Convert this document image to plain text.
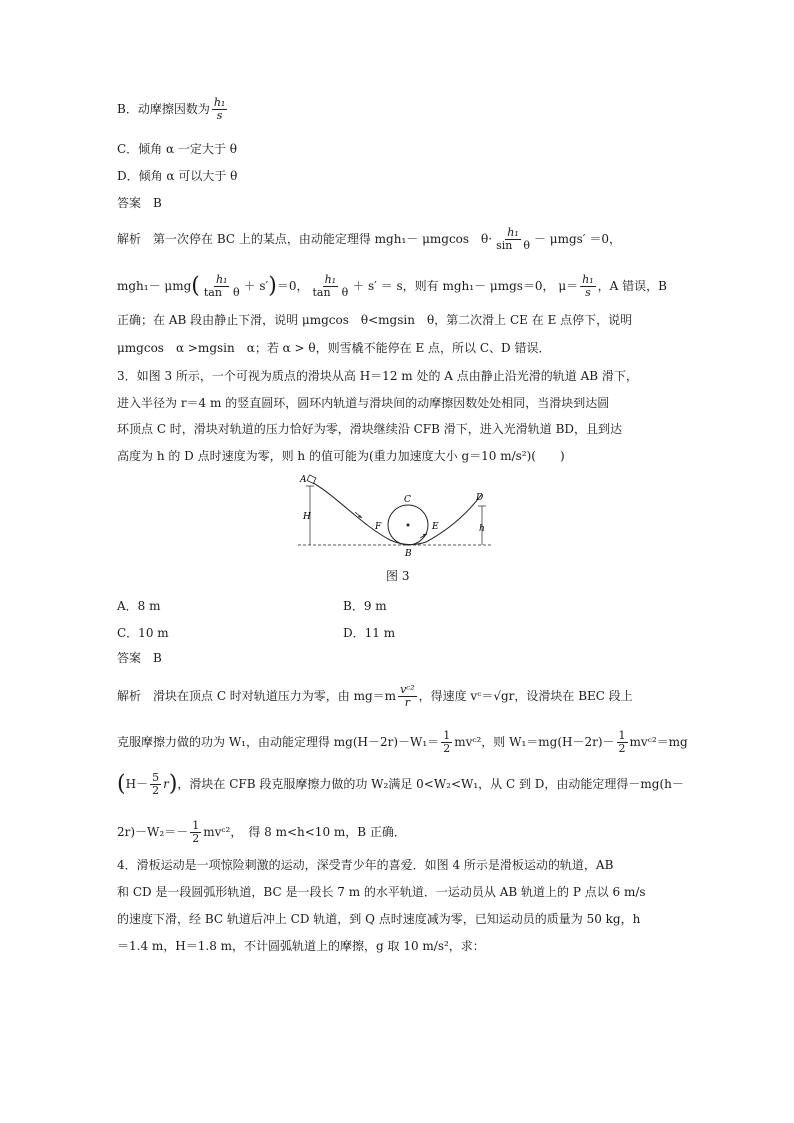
B．动摩擦因数为 $\frac{\text{h₁}}{s}$
C．倾角 α 一定大于 θ
D．倾角 α 可以大于 θ
答案　B
解析　第一次停在 BC 上的某点，由动能定理得 mgh₁－ μmgcos　$\theta\cdot \frac{\text{h₁}}{\text{sin　θ}} - \mu mgs' =0$，
$mgh_1- \mu mg( \frac{\text{h₁}}{\text{tan　θ}} + s')=0$， $\frac{\text{h₁}}{\text{tan　θ}} + s' = s$，则有 mgh₁－ μmgs＝0， $\mu= \frac{\text{h₁}}{s}$ ，A 错误，B
正确；在 AB 段由静止下滑，说明 μmgcos　θ<mgsin　θ，第二次滑上 CE 在 E 点停下，说明
μmgcos　α >mgsin　α；若 α > θ，则雪橇不能停在 E 点，所以 C、D 错误．
3．如图 3 所示，一个可视为质点的滑块从高 H＝12 m 处的 A 点由静止沿光滑的轨道 AB 滑下，
进入半径为 r＝4 m 的竖直圆环，圆环内轨道与滑块间的动摩擦因数处处相同，当滑块到达圆
环顶点 C 时，滑块对轨道的压力恰好为零，滑块继续沿 CFB 滑下，进入光滑轨道 BD，且到达
高度为 h 的 D 点时速度为零，则 h 的值可能为(重力加速度大小 g＝10 m/s²)(　　)
A
H
C
F	E
B
D
h
图 3
A．8 m	B．9 m
C．10 m	D．11 m
答案　B
解析　滑块在顶点 C 时对轨道压力为零，由 $mg=m \frac{\text{vᶜ²}}{r}$ ，得速度 vᶜ＝√gr，设滑块在 BEC 段上
克服摩擦力做的功为 W₁，由动能定理得 $mg(H-2r)-W_1= \frac{1}{2}$ mvᶜ²，则 $W_1=mg(H-2r)- \frac{1}{2}$ mvᶜ²＝mg
$(H- \frac{5}{2} r)$，滑块在 CFB 段克服摩擦力做的功 W₂满足 0<W₂<W₁，从 C 到 D，由动能定理得－mg(h－
$2r)-W_2=- \frac{1}{2}$ mvᶜ²，　得 8 m<h<10 m，B 正确．
4．滑板运动是一项惊险刺激的运动，深受青少年的喜爱．如图 4 所示是滑板运动的轨道，AB
和 CD 是一段圆弧形轨道，BC 是一段长 7 m 的水平轨道．一运动员从 AB 轨道上的 P 点以 6 m/s
的速度下滑，经 BC 轨道后冲上 CD 轨道，到 Q 点时速度减为零，已知运动员的质量为 50 kg，h
＝1.4 m，H＝1.8 m，不计圆弧轨道上的摩擦，g 取 10 m/s²，求：
